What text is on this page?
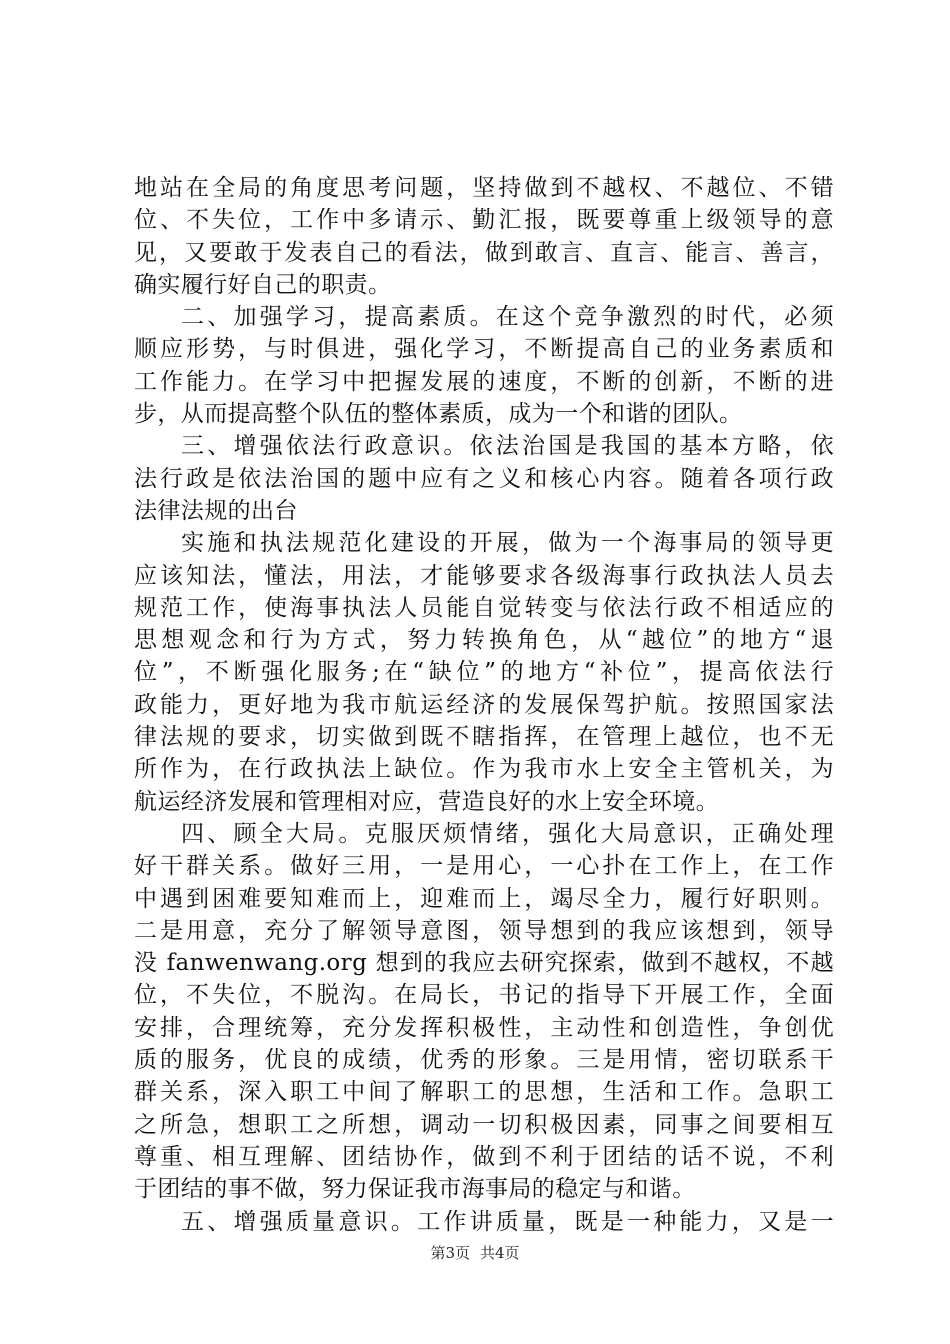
地站在全局的角度思考问题，坚持做到不越权、不越位、不错
位、不失位，工作中多请示、勤汇报，既要尊重上级领导的意
见，又要敢于发表自己的看法，做到敢言、直言、能言、善言，
确实履行好自己的职责。
二、加强学习，提高素质。在这个竞争激烈的时代，必须
顺应形势，与时俱进，强化学习，不断提高自己的业务素质和
工作能力。在学习中把握发展的速度，不断的创新，不断的进
步，从而提高整个队伍的整体素质，成为一个和谐的团队。
三、增强依法行政意识。依法治国是我国的基本方略，依
法行政是依法治国的题中应有之义和核心内容。随着各项行政
法律法规的出台
实施和执法规范化建设的开展，做为一个海事局的领导更
应该知法，懂法，用法，才能够要求各级海事行政执法人员去
规范工作，使海事执法人员能自觉转变与依法行政不相适应的
思想观念和行为方式，努力转换角色，从“越位”的地方“退
位”，不断强化服务;在“缺位”的地方“补位”，提高依法行
政能力，更好地为我市航运经济的发展保驾护航。按照国家法
律法规的要求，切实做到既不瞎指挥，在管理上越位，也不无
所作为，在行政执法上缺位。作为我市水上安全主管机关，为
航运经济发展和管理相对应，营造良好的水上安全环境。
四、顾全大局。克服厌烦情绪，强化大局意识，正确处理
好干群关系。做好三用，一是用心，一心扑在工作上，在工作
中遇到困难要知难而上，迎难而上，竭尽全力，履行好职则。
二是用意，充分了解领导意图，领导想到的我应该想到，领导
没 fanwenwang.org 想到的我应去研究探索，做到不越权，不越
位，不失位，不脱沟。在局长，书记的指导下开展工作，全面
安排，合理统筹，充分发挥积极性，主动性和创造性，争创优
质的服务，优良的成绩，优秀的形象。三是用情，密切联系干
群关系，深入职工中间了解职工的思想，生活和工作。急职工
之所急，想职工之所想，调动一切积极因素，同事之间要相互
尊重、相互理解、团结协作，做到不利于团结的话不说，不利
于团结的事不做，努力保证我市海事局的稳定与和谐。
五、增强质量意识。工作讲质量，既是一种能力，又是一
第3页 共4页
